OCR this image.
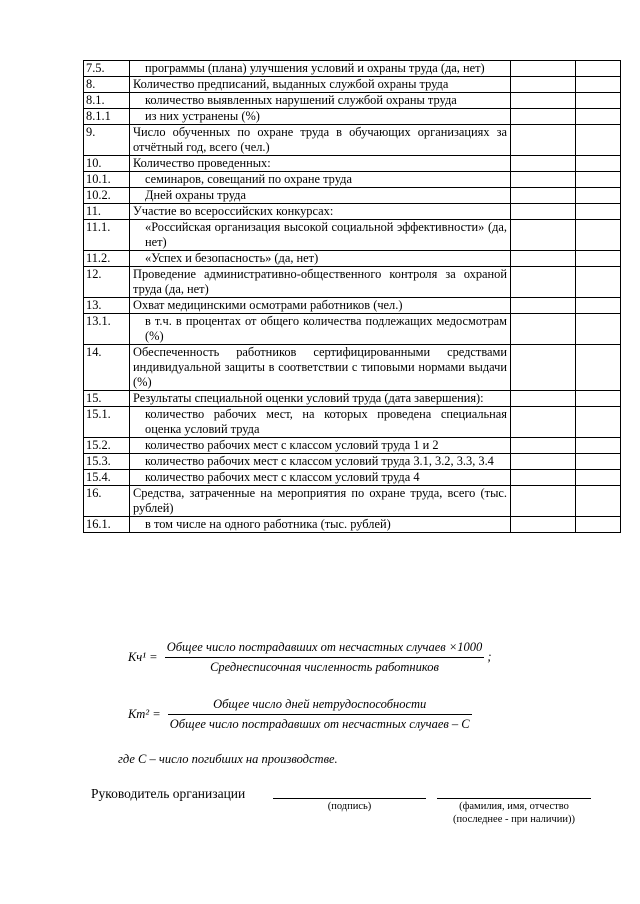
7.5.	программы (плана) улучшения условий и охраны труда (да, нет)		
8.	Количество предписаний, выданных службой охраны труда		
8.1.	количество выявленных нарушений службой охраны труда		
8.1.1	из них устранены (%)		
9.	Число обученных по охране труда в обучающих организациях за отчётный год, всего (чел.)		
10.	Количество проведенных:		
10.1.	семинаров, совещаний по охране труда		
10.2.	Дней охраны труда		
11.	Участие во всероссийских конкурсах:		
11.1.	«Российская организация высокой социальной эффективности» (да, нет)		
11.2.	«Успех и безопасность» (да, нет)		
12.	Проведение административно-общественного контроля за охраной труда (да, нет)		
13.	Охват медицинскими осмотрами работников (чел.)		
13.1.	в т.ч. в процентах от общего количества подлежащих медосмотрам (%)		
14.	Обеспеченность работников сертифицированными средствами индивидуальной защиты в соответствии с типовыми нормами выдачи (%)		
15.	Результаты специальной оценки условий труда (дата завершения):		
15.1.	количество рабочих мест, на которых проведена специальная оценка условий труда		
15.2.	количество рабочих мест с классом условий труда 1 и 2		
15.3.	количество рабочих мест с классом условий труда 3.1, 3.2, 3.3, 3.4		
15.4.	количество рабочих мест с классом условий труда 4		
16.	Средства, затраченные на мероприятия по охране труда, всего (тыс. рублей)		
16.1.	в том числе на одного работника (тыс. рублей)		
$Кч^1 = \frac{\text{Общее число пострадавших от несчастных случаев ×1000}}{\text{Среднесписочная численность работников}}$ ;
$Кт^2 = \frac{\text{Общее число дней нетрудоспособности}}{\text{Общее число пострадавших от несчастных случаев – С}}$
где С – число погибших на производстве.
Руководитель организации
(подпись)	(фамилия, имя, отчество
(последнее - при наличии))
